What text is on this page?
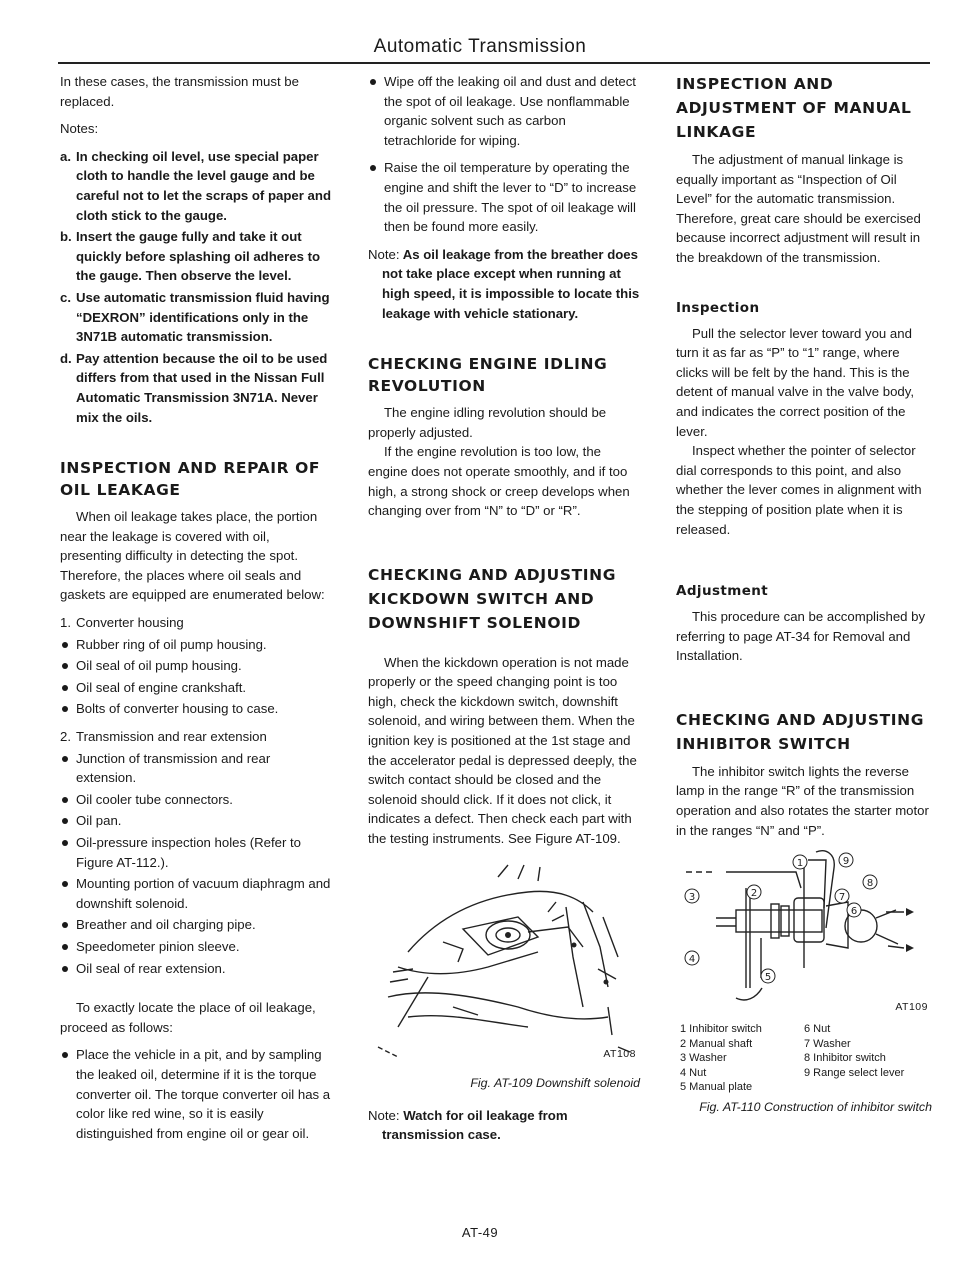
Automatic Transmission

In these cases, the transmission must be replaced.

Notes:

a. In checking oil level, use special paper cloth to handle the level gauge and be careful not to let the scraps of paper and cloth stick to the gauge.
b. Insert the gauge fully and take it out quickly before splashing oil adheres to the gauge. Then observe the level.
c. Use automatic transmission fluid having “DEXRON” identifications only in the 3N71B automatic transmission.
d. Pay attention because the oil to be used differs from that used in the Nissan Full Automatic Transmission 3N71A. Never mix the oils.
INSPECTION AND REPAIR OF OIL LEAKAGE

When oil leakage takes place, the portion near the leakage is covered with oil, presenting difficulty in detecting the spot. Therefore, the places where oil seals and gaskets are equipped are enumerated below:

1. Converter housing
Rubber ring of oil pump housing.
Oil seal of oil pump housing.
Oil seal of engine crankshaft.
Bolts of converter housing to case.
2. Transmission and rear extension
Junction of transmission and rear extension.
Oil cooler tube connectors.
Oil pan.
Oil-pressure inspection holes (Refer to Figure AT-112.).
Mounting portion of vacuum diaphragm and downshift solenoid.
Breather and oil charging pipe.
Speedometer pinion sleeve.
Oil seal of rear extension.

To exactly locate the place of oil leakage, proceed as follows:

Place the vehicle in a pit, and by sampling the leaked oil, determine if it is the torque converter oil. The torque converter oil has a color like red wine, so it is easily distinguished from engine oil or gear oil.
Wipe off the leaking oil and dust and detect the spot of oil leakage. Use nonflammable organic solvent such as carbon tetrachloride for wiping.
Raise the oil temperature by operating the engine and shift the lever to “D” to increase the oil pressure. The spot of oil leakage will then be found more easily.

Note: As oil leakage from the breather does not take place except when running at high speed, it is impossible to locate this leakage with vehicle stationary.

CHECKING ENGINE IDLING REVOLUTION

The engine idling revolution should be properly adjusted.

If the engine revolution is too low, the engine does not operate smoothly, and if too high, a strong shock or creep develops when changing over from “N” to “D” or “R”.

CHECKING AND ADJUSTING KICKDOWN SWITCH AND DOWNSHIFT SOLENOID

When the kickdown operation is not made properly or the speed changing point is too high, check the kickdown switch, downshift solenoid, and wiring between them. When the ignition key is positioned at the 1st stage and the accelerator pedal is depressed deeply, the switch contact should be closed and the solenoid should click. If it does not click, it indicates a defect. Then check each part with the testing instruments. See Figure AT-109.

AT108

Fig. AT-109 Downshift solenoid

Note: Watch for oil leakage from transmission case.

INSPECTION AND ADJUSTMENT OF MANUAL LINKAGE

The adjustment of manual linkage is equally important as “Inspection of Oil Level” for the automatic transmission. Therefore, great care should be exercised because incorrect adjustment will result in the breakdown of the transmission.

Inspection

Pull the selector lever toward you and turn it as far as “P” to “1” range, where clicks will be felt by the hand. This is the detent of manual valve in the valve body, and indicates the correct position of the lever.

Inspect whether the pointer of selector dial corresponds to this point, and also whether the lever comes in alignment with the stepping of position plate when it is released.

Adjustment

This procedure can be accomplished by referring to page AT-34 for Removal and Installation.

CHECKING AND ADJUSTING INHIBITOR SWITCH

The inhibitor switch lights the reverse lamp in the range “R” of the transmission operation and also rotates the starter motor in the ranges “N” and “P”.

1
2
3
4
5
6
7
8
9
AT109
1 Inhibitor switch	6 Nut
2 Manual shaft	7 Washer
3 Washer	8 Inhibitor switch
4 Nut	9 Range select lever
5 Manual plate

Fig. AT-110 Construction of inhibitor switch

AT-49
